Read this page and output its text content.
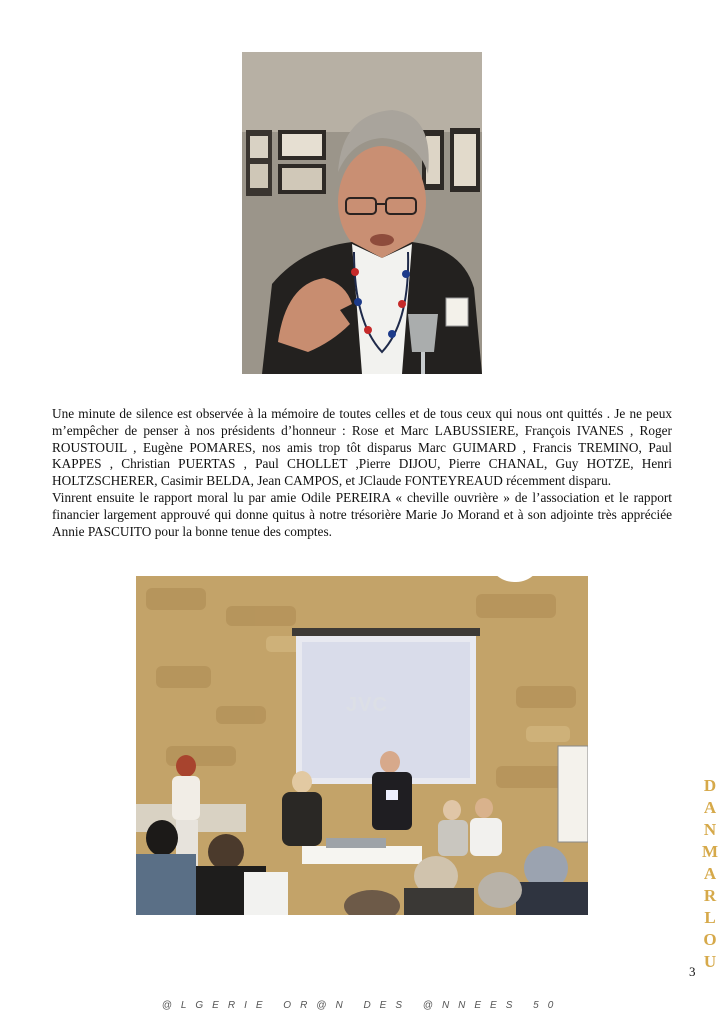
Une minute de silence est observée à la mémoire de toutes celles et de tous ceux qui nous ont quittés . Je ne peux m’empêcher de penser à nos présidents d’honneur : Rose et Marc LABUSSIERE, François IVANES , Roger ROUSTOUIL , Eugène POMARES, nos amis trop tôt disparus Marc GUIMARD , Francis TREMINO, Paul KAPPES , Christian PUERTAS , Paul CHOLLET ,Pierre DIJOU, Pierre CHANAL, Guy HOTZE, Henri HOLTZSCHERER, Casimir BELDA, Jean CAMPOS, et JClaude FONTEYREAUD récemment disparu.

Vinrent ensuite le rapport moral lu par amie Odile PEREIRA « cheville ouvrière » de l’association et le rapport financier largement approuvé qui donne quitus à notre trésorière Marie Jo Morand et à son adjointe très appréciée Annie PASCUITO pour la bonne tenue des comptes.

JVC
D
A
N
M
A
R
L
O
U
3
@LGERIE OR@N DES @NNEES 50
